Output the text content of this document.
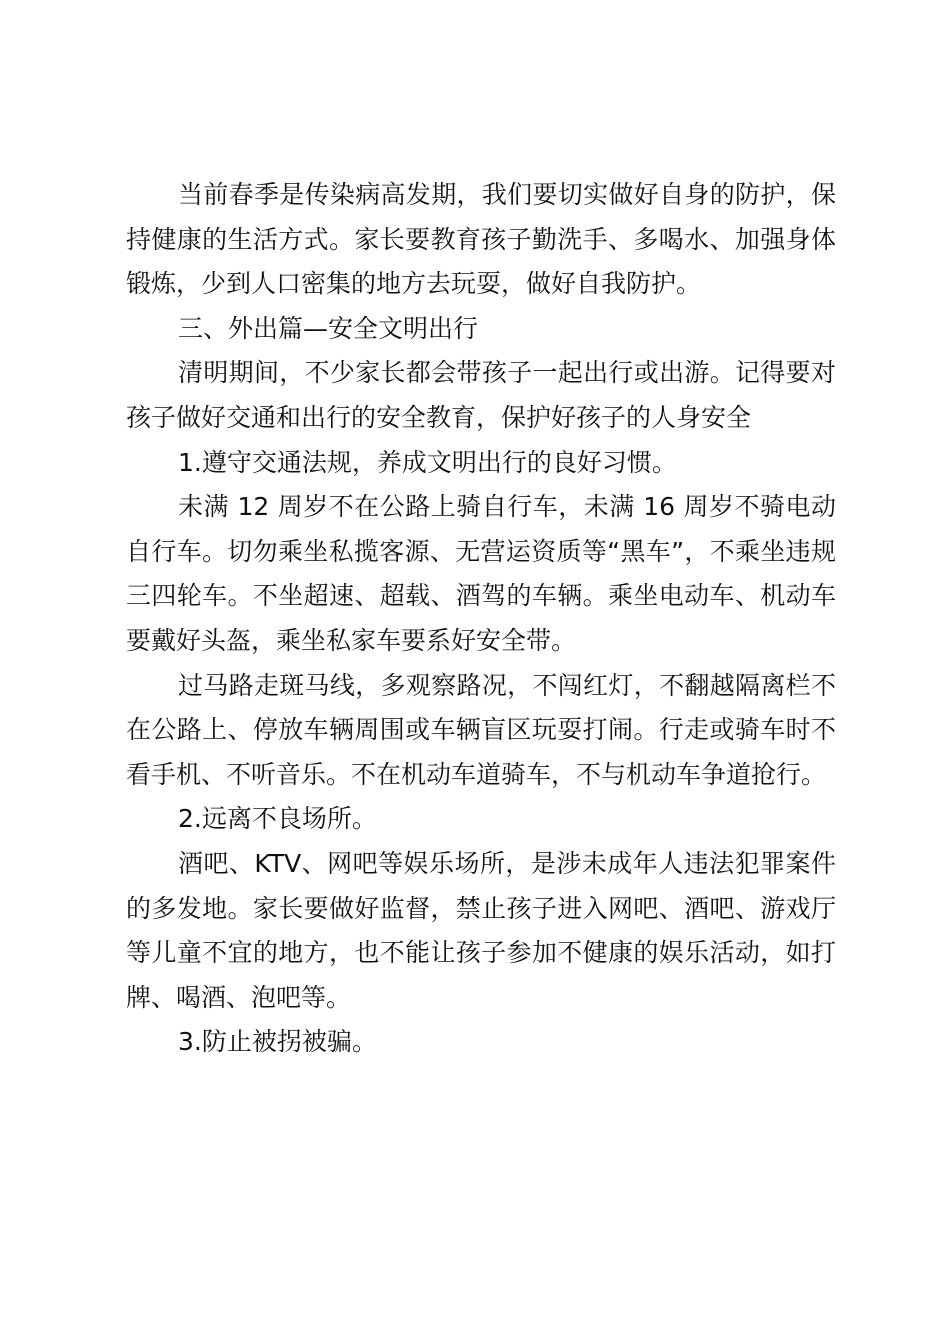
当前春季是传染病高发期，我们要切实做好自身的防护，保持健康的生活方式。家长要教育孩子勤洗手、多喝水、加强身体锻炼，少到人口密集的地方去玩耍，做好自我防护。

三、外出篇—安全文明出行

清明期间，不少家长都会带孩子一起出行或出游。记得要对孩子做好交通和出行的安全教育，保护好孩子的人身安全

1.遵守交通法规，养成文明出行的良好习惯。

未满 12 周岁不在公路上骑自行车，未满 16 周岁不骑电动自行车。切勿乘坐私揽客源、无营运资质等“黑车”，不乘坐违规三四轮车。不坐超速、超载、酒驾的车辆。乘坐电动车、机动车要戴好头盔，乘坐私家车要系好安全带。

过马路走斑马线，多观察路况，不闯红灯，不翻越隔离栏不在公路上、停放车辆周围或车辆盲区玩耍打闹。行走或骑车时不看手机、不听音乐。不在机动车道骑车，不与机动车争道抢行。

2.远离不良场所。

酒吧、KTV、网吧等娱乐场所，是涉未成年人违法犯罪案件的多发地。家长要做好监督，禁止孩子进入网吧、酒吧、游戏厅等儿童不宜的地方，也不能让孩子参加不健康的娱乐活动，如打牌、喝酒、泡吧等。

3.防止被拐被骗。
